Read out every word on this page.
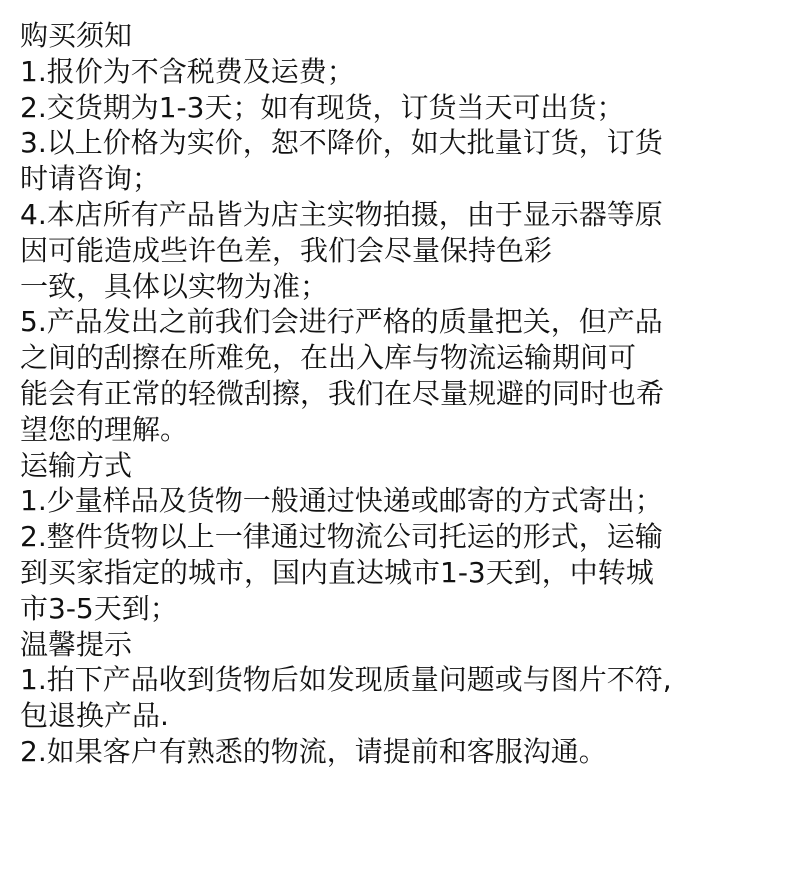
购买须知
1.报价为不含税费及运费；
2.交货期为1-3天；如有现货，订货当天可出货；
3.以上价格为实价，恕不降价，如大批量订货，订货
时请咨询；
4.本店所有产品皆为店主实物拍摄，由于显示器等原
因可能造成些许色差，我们会尽量保持色彩
一致，具体以实物为准；
5.产品发出之前我们会进行严格的质量把关，但产品
之间的刮擦在所难免，在出入库与物流运输期间可
能会有正常的轻微刮擦，我们在尽量规避的同时也希
望您的理解。
运输方式
1.少量样品及货物一般通过快递或邮寄的方式寄出；
2.整件货物以上一律通过物流公司托运的形式，运输
到买家指定的城市，国内直达城市1-3天到，中转城
市3-5天到；
温馨提示
1.拍下产品收到货物后如发现质量问题或与图片不符,
包退换产品.
2.如果客户有熟悉的物流，请提前和客服沟通。
